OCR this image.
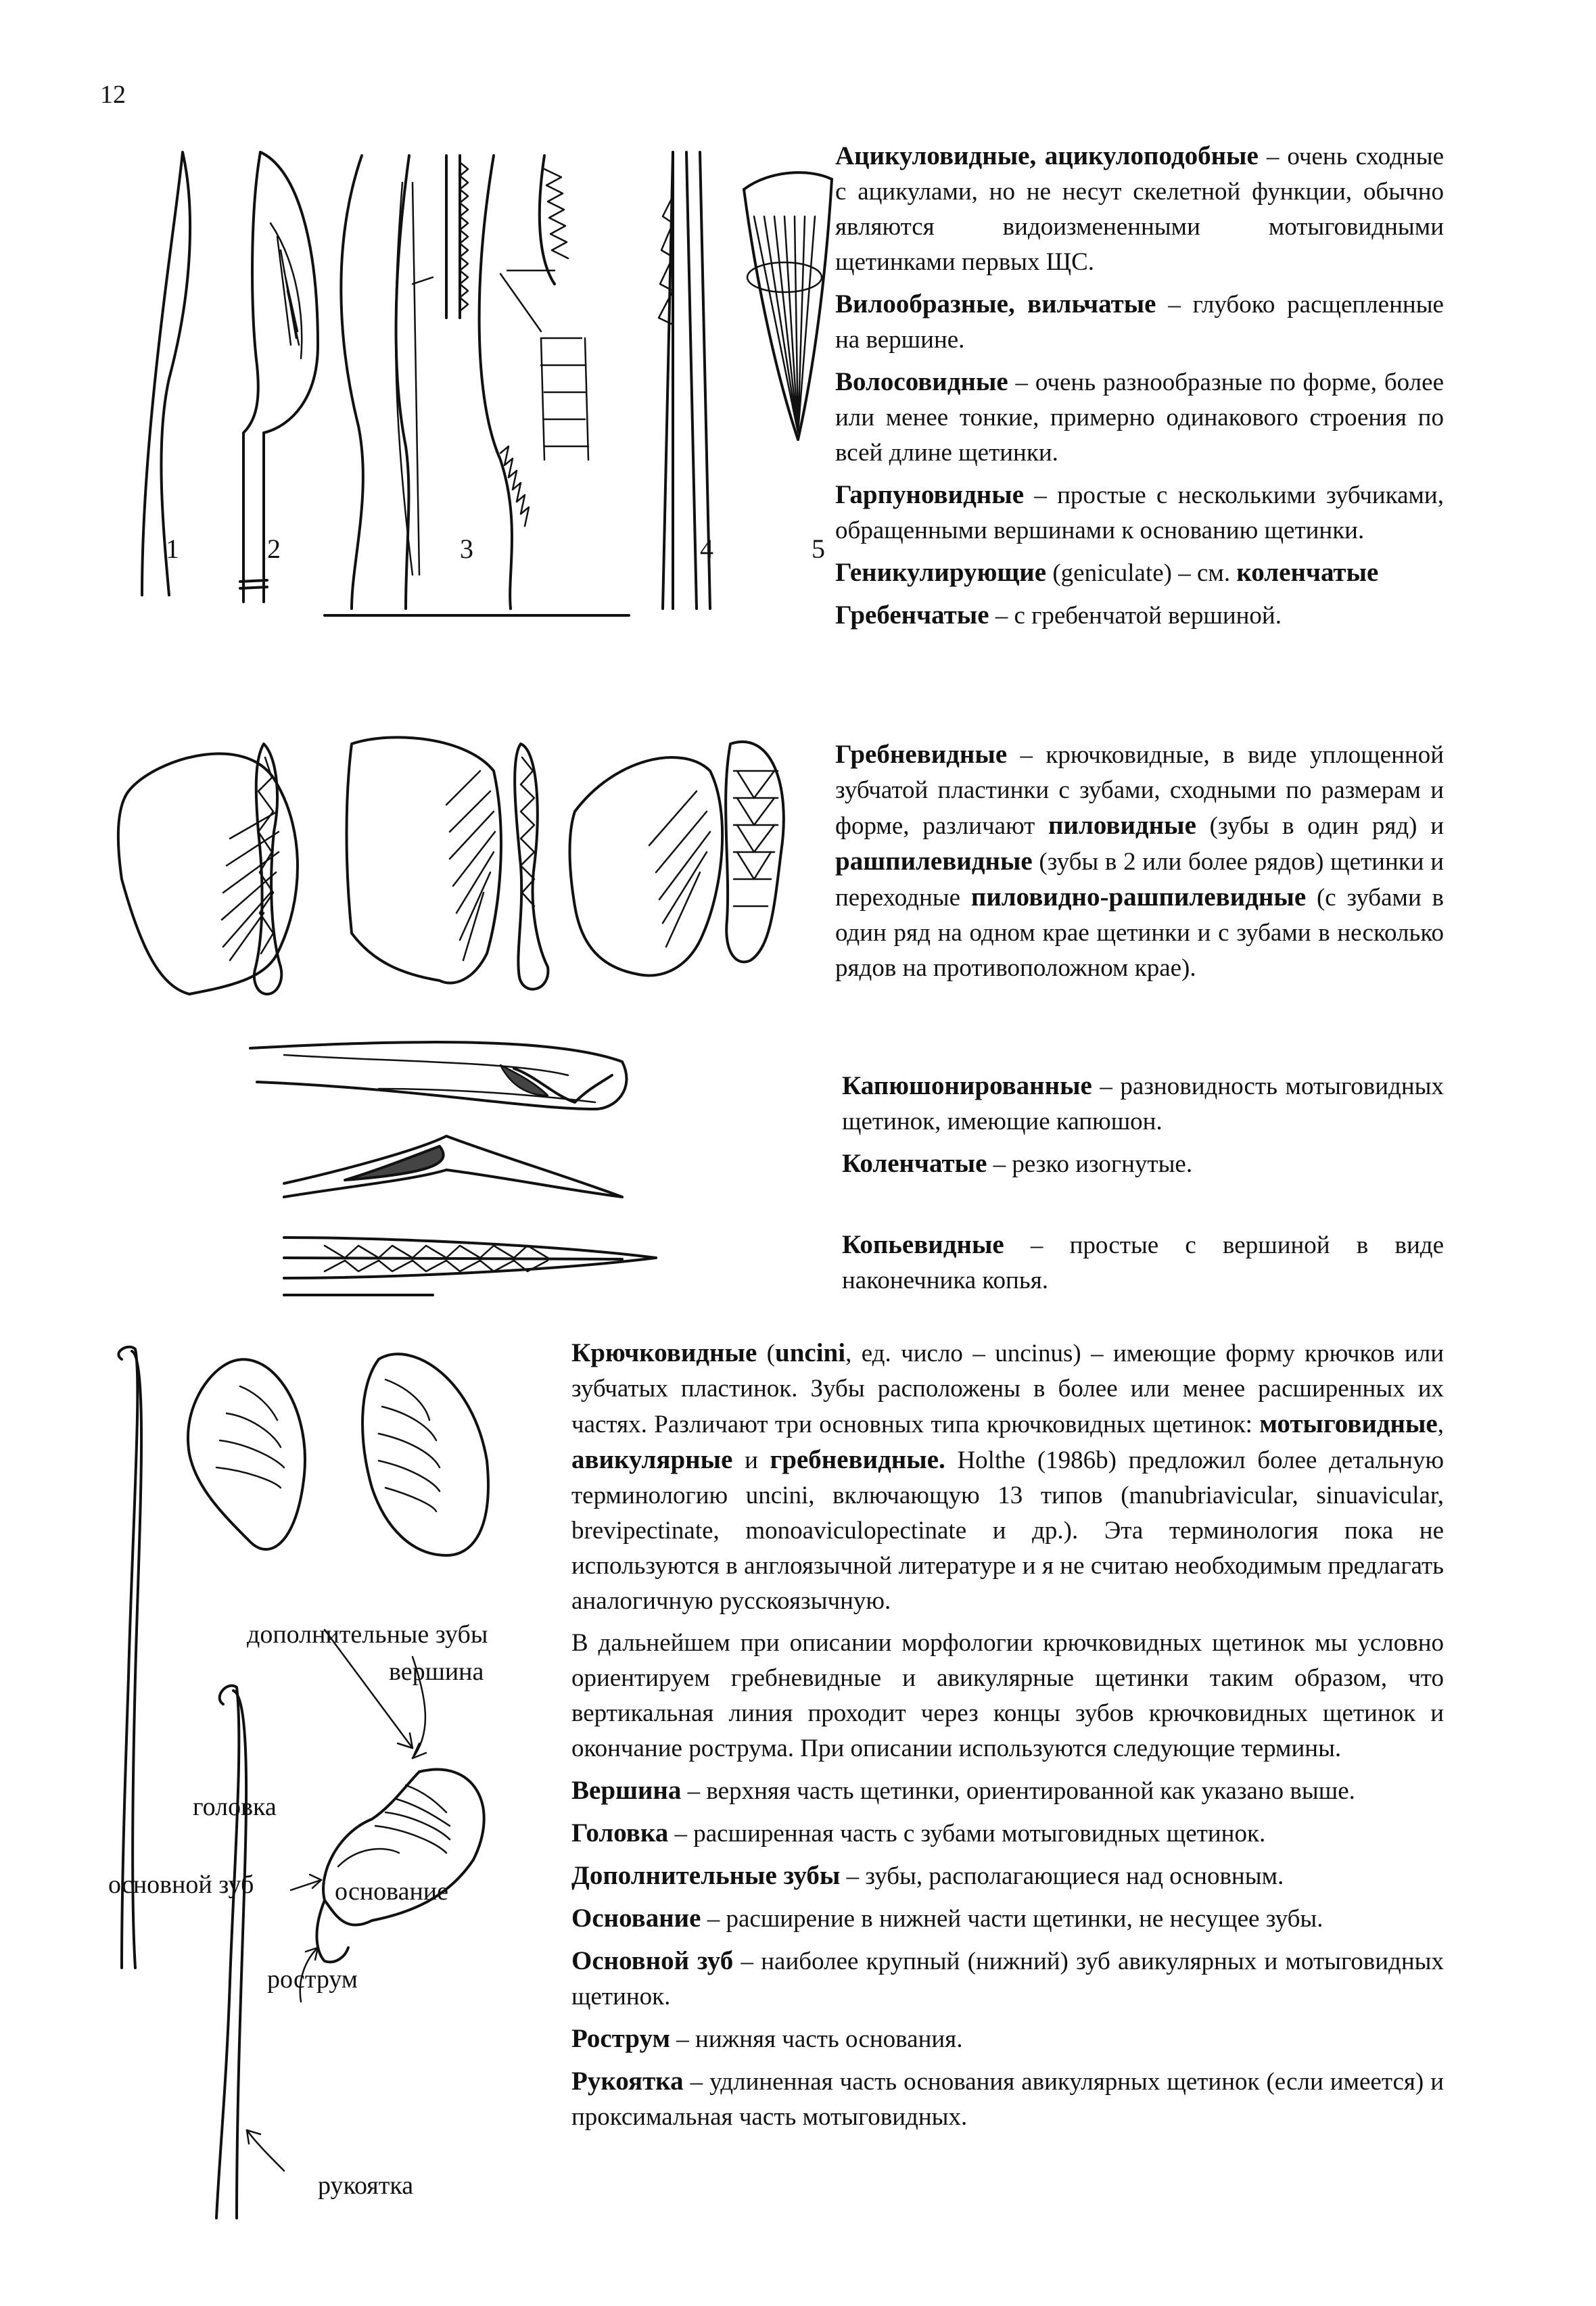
12
1	2	3	4	5
дополнительные зубы
вершина
головка
основной зуб	основание
рострум
рукоятка

Ацикуловидные, ацикулоподобные – очень сходные с ацикулами, но не несут скелетной функции, обычно являются видоизмененными мотыговидными щетинками первых ЩС.

Вилообразные, вильчатые – глубоко расщепленные на вершине.

Волосовидные – очень разнообразные по форме, более или менее тонкие, примерно одинакового строения по всей длине щетинки.

Гарпуновидные – простые с несколькими зубчиками, обращенными вершинами к основанию щетинки.

Геникулирующие (geniculate) – см. коленчатые

Гребенчатые – с гребенчатой вершиной.

Гребневидные – крючковидные, в виде уплощенной зубчатой пластинки с зубами, сходными по размерам и форме, различают пиловидные (зубы в один ряд) и рашпилевидные (зубы в 2 или более рядов) щетинки и переходные пиловидно-рашпилевидные (с зубами в один ряд на одном крае щетинки и с зубами в несколько рядов на противоположном крае).

Капюшонированные – разновидность мотыговидных щетинок, имеющие капюшон.

Коленчатые – резко изогнутые.

Копьевидные – простые с вершиной в виде наконечника копья.

Крючковидные (uncini, ед. число – uncinus) – имеющие форму крючков или зубчатых пластинок. Зубы расположены в более или менее расширенных их частях. Различают три основных типа крючковидных щетинок: мотыговидные, авикулярные и гребневидные. Holthe (1986b) предложил более детальную терминологию uncini, включающую 13 типов (manubriavicular, sinuavicular, brevipectinate, monoaviculopectinate и др.). Эта терминология пока не используются в англоязычной литературе и я не считаю необходимым предлагать аналогичную русскоязычную.

В дальнейшем при описании морфологии крючковидных щетинок мы условно ориентируем гребневидные и авикулярные щетинки таким образом, что вертикальная линия проходит через концы зубов крючковидных щетинок и окончание рострума. При описании используются следующие термины.

Вершина – верхняя часть щетинки, ориентированной как указано выше.

Головка – расширенная часть с зубами мотыговидных щетинок.

Дополнительные зубы – зубы, располагающиеся над основным.

Основание – расширение в нижней части щетинки, не несущее зубы.

Основной зуб – наиболее крупный (нижний) зуб авикулярных и мотыговидных щетинок.

Рострум – нижняя часть основания.

Рукоятка – удлиненная часть основания авикулярных щетинок (если имеется) и проксимальная часть мотыговидных.
